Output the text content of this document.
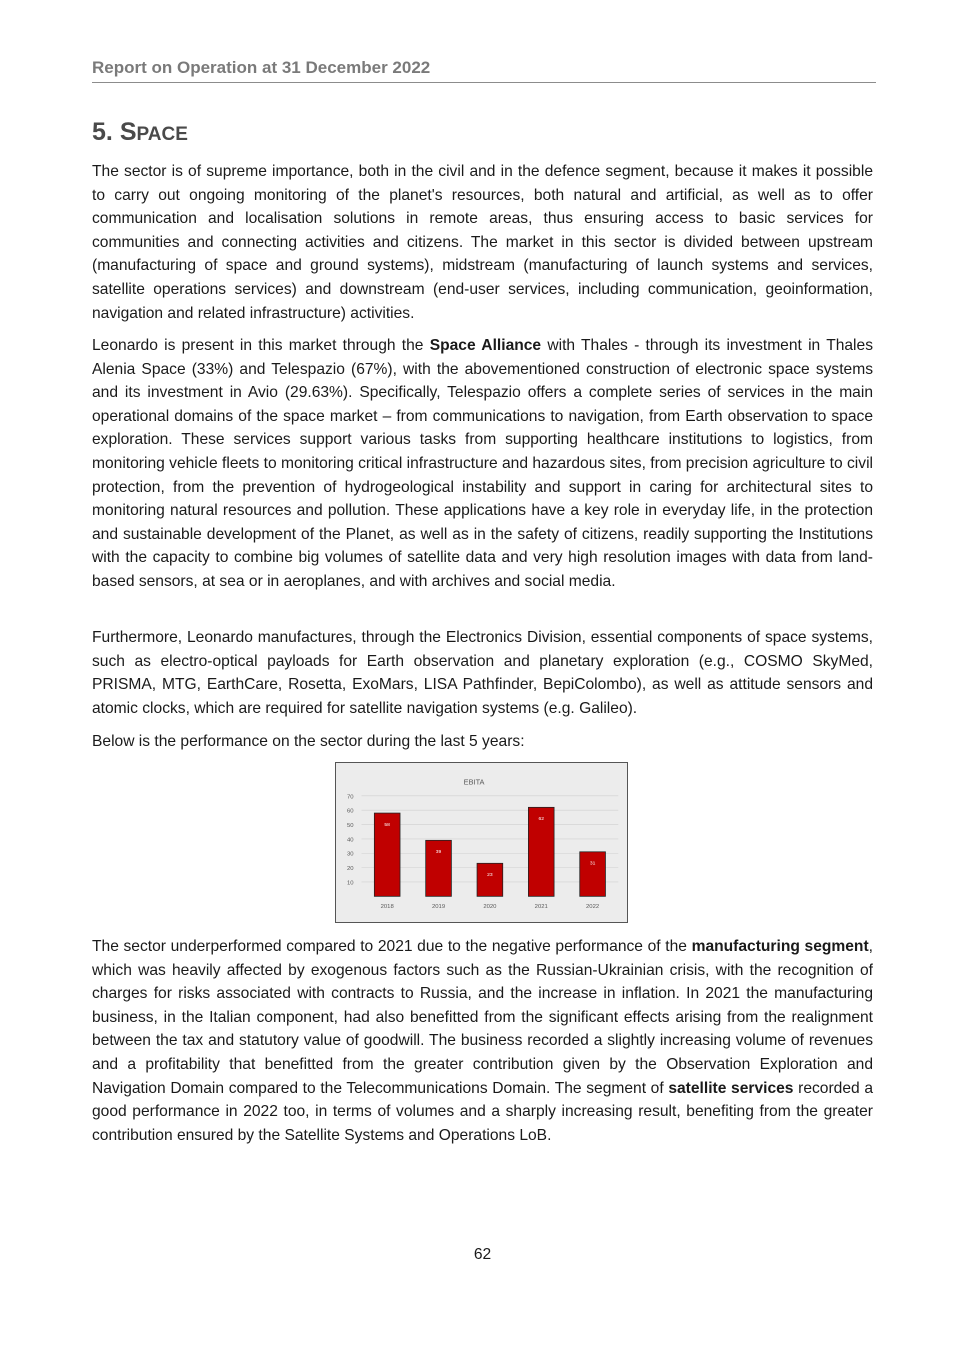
Report on Operation at 31 December 2022
5. SPACE

The sector is of supreme importance, both in the civil and in the defence segment, because it makes it possible to carry out ongoing monitoring of the planet's resources, both natural and artificial, as well as to offer communication and localisation solutions in remote areas, thus ensuring access to basic services for communities and connecting activities and citizens. The market in this sector is divided between upstream (manufacturing of space and ground systems), midstream (manufacturing of launch systems and services, satellite operations services) and downstream (end-user services, including communication, geoinformation, navigation and related infrastructure) activities.

Leonardo is present in this market through the Space Alliance with Thales - through its investment in Thales Alenia Space (33%) and Telespazio (67%), with the abovementioned construction of electronic space systems and its investment in Avio (29.63%). Specifically, Telespazio offers a complete series of services in the main operational domains of the space market – from communications to navigation, from Earth observation to space exploration. These services support various tasks from supporting healthcare institutions to logistics, from monitoring vehicle fleets to monitoring critical infrastructure and hazardous sites, from precision agriculture to civil protection, from the prevention of hydrogeological instability and support in caring for architectural sites to monitoring natural resources and pollution. These applications have a key role in everyday life, in the protection and sustainable development of the Planet, as well as in the safety of citizens, readily supporting the Institutions with the capacity to combine big volumes of satellite data and very high resolution images with data from land-based sensors, at sea or in aeroplanes, and with archives and social media.

Furthermore, Leonardo manufactures, through the Electronics Division, essential components of space systems, such as electro-optical payloads for Earth observation and planetary exploration (e.g., COSMO SkyMed, PRISMA, MTG, EarthCare, Rosetta, ExoMars, LISA Pathfinder, BepiColombo), as well as attitude sensors and atomic clocks, which are required for satellite navigation systems (e.g. Galileo).

Below is the performance on the sector during the last 5 years:

EBITA
10
20
30
40
50
60
70
58
39
23
62
31
2018	2019	2020	2021	2022

The sector underperformed compared to 2021 due to the negative performance of the manufacturing segment, which was heavily affected by exogenous factors such as the Russian-Ukrainian crisis, with the recognition of charges for risks associated with contracts to Russia, and the increase in inflation. In 2021 the manufacturing business, in the Italian component, had also benefitted from the significant effects arising from the realignment between the tax and statutory value of goodwill. The business recorded a slightly increasing volume of revenues and a profitability that benefitted from the greater contribution given by the Observation Exploration and Navigation Domain compared to the Telecommunications Domain. The segment of satellite services recorded a good performance in 2022 too, in terms of volumes and a sharply increasing result, benefiting from the greater contribution ensured by the Satellite Systems and Operations LoB.

62
